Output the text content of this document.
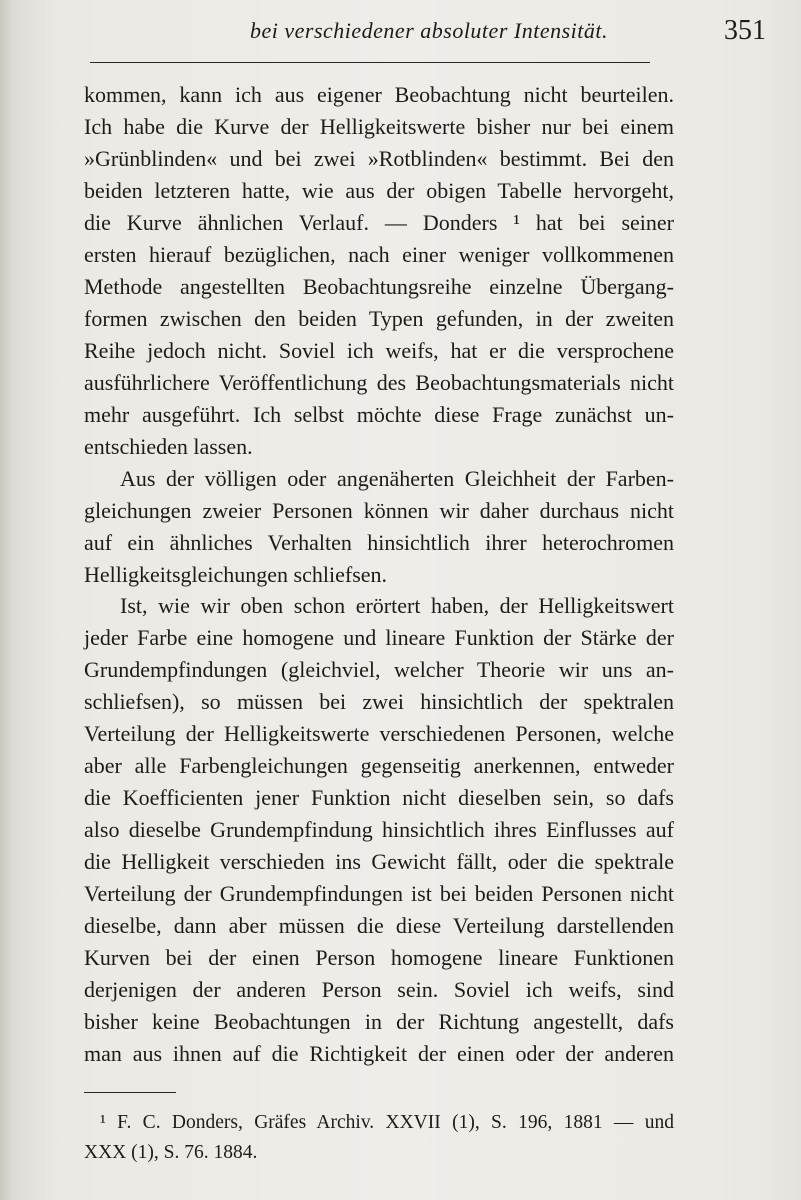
bei verschiedener absoluter Intensität.	351
kommen, kann ich aus eigener Beobachtung nicht beurteilen.
Ich habe die Kurve der Helligkeitswerte bisher nur bei einem
»Grünblinden« und bei zwei »Rotblinden« bestimmt. Bei den
beiden letzteren hatte, wie aus der obigen Tabelle hervorgeht,
die Kurve ähnlichen Verlauf. — Donders ¹ hat bei seiner
ersten hierauf bezüglichen, nach einer weniger vollkommenen
Methode angestellten Beobachtungsreihe einzelne Übergang-
formen zwischen den beiden Typen gefunden, in der zweiten
Reihe jedoch nicht. Soviel ich weifs, hat er die versprochene
ausführlichere Veröffentlichung des Beobachtungsmaterials nicht
mehr ausgeführt. Ich selbst möchte diese Frage zunächst un-
entschieden lassen.
Aus der völligen oder angenäherten Gleichheit der Farben-
gleichungen zweier Personen können wir daher durchaus nicht
auf ein ähnliches Verhalten hinsichtlich ihrer heterochromen
Helligkeitsgleichungen schliefsen.
Ist, wie wir oben schon erörtert haben, der Helligkeitswert
jeder Farbe eine homogene und lineare Funktion der Stärke der
Grundempfindungen (gleichviel, welcher Theorie wir uns an-
schliefsen), so müssen bei zwei hinsichtlich der spektralen
Verteilung der Helligkeitswerte verschiedenen Personen, welche
aber alle Farbengleichungen gegenseitig anerkennen, entweder
die Koefficienten jener Funktion nicht dieselben sein, so dafs
also dieselbe Grundempfindung hinsichtlich ihres Einflusses auf
die Helligkeit verschieden ins Gewicht fällt, oder die spektrale
Verteilung der Grundempfindungen ist bei beiden Personen nicht
dieselbe, dann aber müssen die diese Verteilung darstellenden
Kurven bei der einen Person homogene lineare Funktionen
derjenigen der anderen Person sein. Soviel ich weifs, sind
bisher keine Beobachtungen in der Richtung angestellt, dafs
man aus ihnen auf die Richtigkeit der einen oder der anderen
¹ F. C. Donders, Gräfes Archiv. XXVII (1), S. 196, 1881 — und
XXX (1), S. 76. 1884.
